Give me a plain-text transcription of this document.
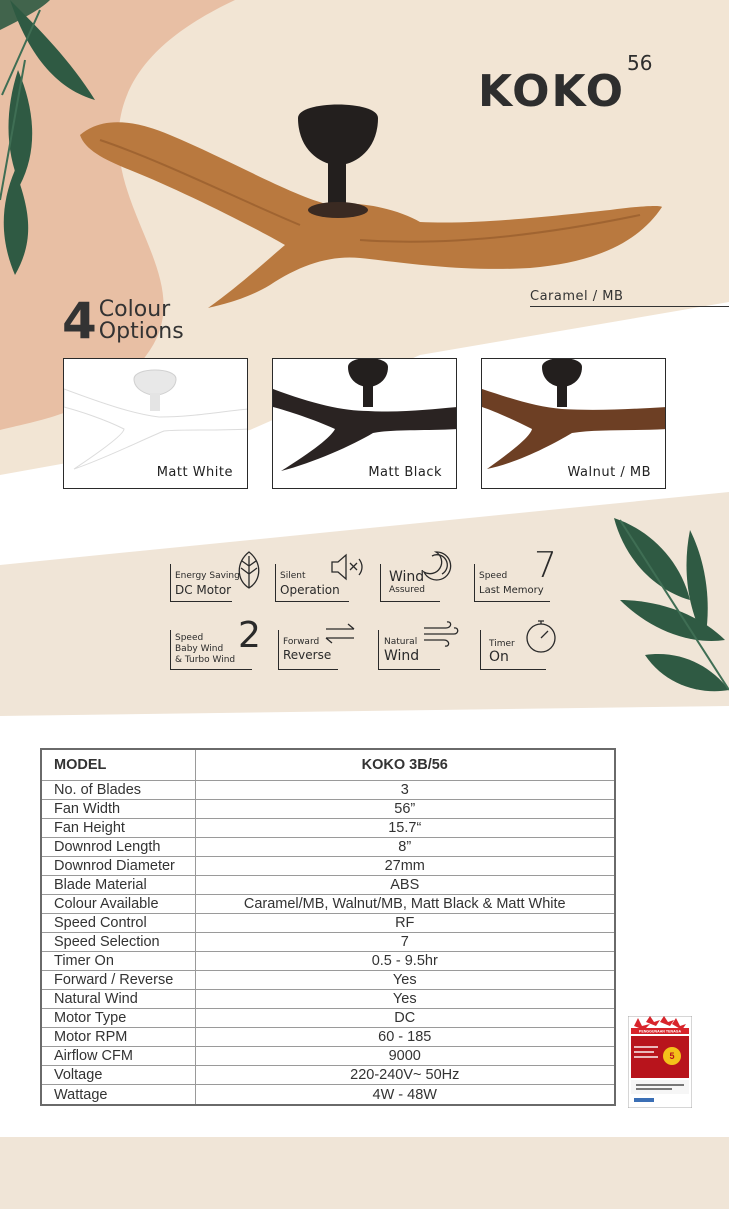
KOKO$^{56}$
Caramel / MB
4 Colour
Options
Matt White	Matt Black	Walnut / MB
Energy Saving
DC Motor
Silent
Operation
Wind
Assured
Speed
Last Memory
7
Speed
Baby Wind
& Turbo Wind
2 Forward
Reverse
Natural
Wind
Timer
On
MODEL	KOKO 3B/56
No. of Blades	3
Fan Width	56”
Fan Height	15.7“
Downrod Length	8”
Downrod Diameter	27mm
Blade Material	ABS
Colour Available	Caramel/MB, Walnut/MB, Matt Black & Matt White
Speed Control	RF
Speed Selection	7
Timer On	0.5 - 9.5hr
Forward / Reverse	Yes
Natural Wind	Yes
Motor Type	DC
Motor RPM	60 - 185
Airflow CFM	9000
Voltage	220-240V~ 50Hz
Wattage	4W - 48W
PENGGUNAAN TENAGA
5
